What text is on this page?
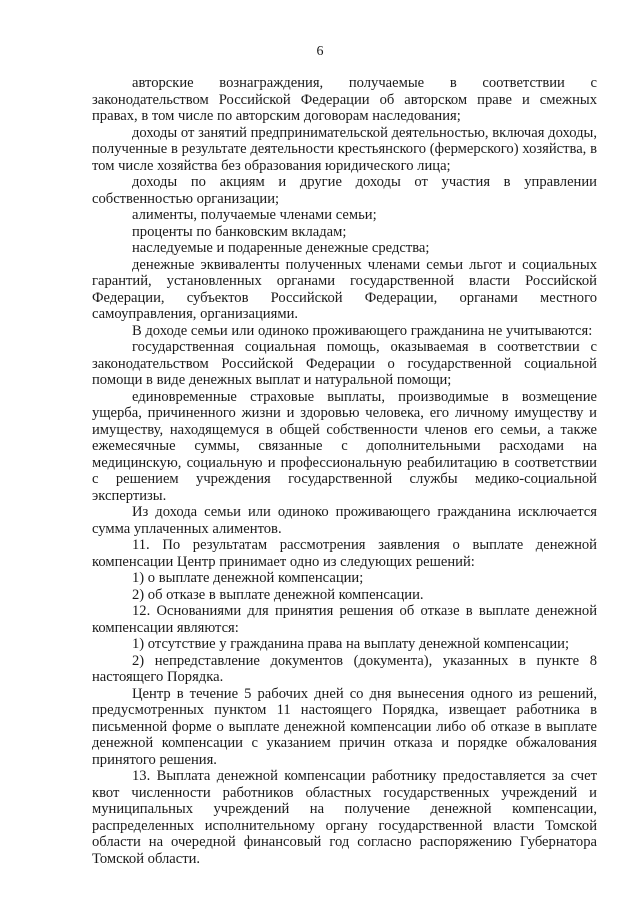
6

авторские вознаграждения, получаемые в соответствии с законодательством Российской Федерации об авторском праве и смежных правах, в том числе по авторским договорам наследования;

доходы от занятий предпринимательской деятельностью, включая доходы, полученные в результате деятельности крестьянского (фермерского) хозяйства, в том числе хозяйства без образования юридического лица;

доходы по акциям и другие доходы от участия в управлении собственностью организации;

алименты, получаемые членами семьи;

проценты по банковским вкладам;

наследуемые и подаренные денежные средства;

денежные эквиваленты полученных членами семьи льгот и социальных гарантий, установленных органами государственной власти Российской Федерации, субъектов Российской Федерации, органами местного самоуправления, организациями.

В доходе семьи или одиноко проживающего гражданина не учитываются:

государственная социальная помощь, оказываемая в соответствии с законодательством Российской Федерации о государственной социальной помощи в виде денежных выплат и натуральной помощи;

единовременные страховые выплаты, производимые в возмещение ущерба, причиненного жизни и здоровью человека, его личному имуществу и имуществу, находящемуся в общей собственности членов его семьи, а также ежемесячные суммы, связанные с дополнительными расходами на медицинскую, социальную и профессиональную реабилитацию в соответствии с решением учреждения государственной службы медико-социальной экспертизы.

Из дохода семьи или одиноко проживающего гражданина исключается сумма уплаченных алиментов.

11. По результатам рассмотрения заявления о выплате денежной компенсации Центр принимает одно из следующих решений:

1) о выплате денежной компенсации;

2) об отказе в выплате денежной компенсации.

12. Основаниями для принятия решения об отказе в выплате денежной компенсации являются:

1) отсутствие у гражданина права на выплату денежной компенсации;

2) непредставление документов (документа), указанных в пункте 8 настоящего Порядка.

Центр в течение 5 рабочих дней со дня вынесения одного из решений, предусмотренных пунктом 11 настоящего Порядка, извещает работника в письменной форме о выплате денежной компенсации либо об отказе в выплате денежной компенсации с указанием причин отказа и порядке обжалования принятого решения.

13. Выплата денежной компенсации работнику предоставляется за счет квот численности работников областных государственных учреждений и муниципальных учреждений на получение денежной компенсации, распределенных исполнительному органу государственной власти Томской области на очередной финансовый год согласно распоряжению Губернатора Томской области.
